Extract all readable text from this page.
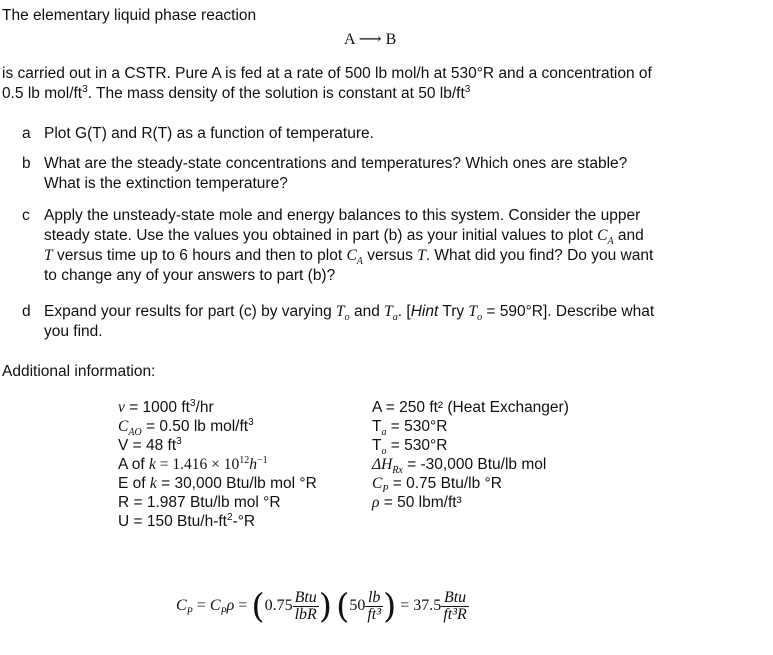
The elementary liquid phase reaction
A ⟶ B
is carried out in a CSTR. Pure A is fed at a rate of 500 lb mol/h at 530°R and a concentration of
0.5 lb mol/$ft^3$. The mass density of the solution is constant at 50 $lb/ft^3$
a Plot G(T) and R(T) as a function of temperature.
b What are the steady-state concentrations and temperatures? Which ones are stable?
What is the extinction temperature?
c Apply the unsteady-state mole and energy balances to this system. Consider the upper
steady state. Use the values you obtained in part (b) as your initial values to plot $C_A$ and
T versus time up to 6 hours and then to plot $C_A$ versus T. What did you find? Do you want
to change any of your answers to part (b)?
d Expand your results for part (c) by varying $T_o$ and $T_a$. [Hint Try $T_o = 590^\circ R$]. Describe what
you find.
Additional information:
v = 1000 $ft^3/hr$
$C_{AO} = 0.50$ lb mol/$ft^3$
V = 48 $ft^3$
A of $k = 1.416 \times 10^{12}h^{-1}$
E of k = 30,000 Btu/lb mol °R
R = 1.987 Btu/lb mol °R
U = 150 Btu/$h-ft^2-^\circ R$
A = 250 ft² (Heat Exchanger)
$T_a = 530^\circ R$
$T_o = 530^\circ R$
$\Delta H_{Rx} = -30,000$ Btu/lb mol
$C_P = 0.75$ Btu/lb °R
ρ = 50 lbm/ft³
$C_P = C_P\rho = (0.75 \frac{\text{Btu}}{\text{lbR}}$ ) ($50 \frac{lb}{\text{ft³}}$ ) = $37.5 \frac{\text{Btu}}{\text{ft³R}}$
